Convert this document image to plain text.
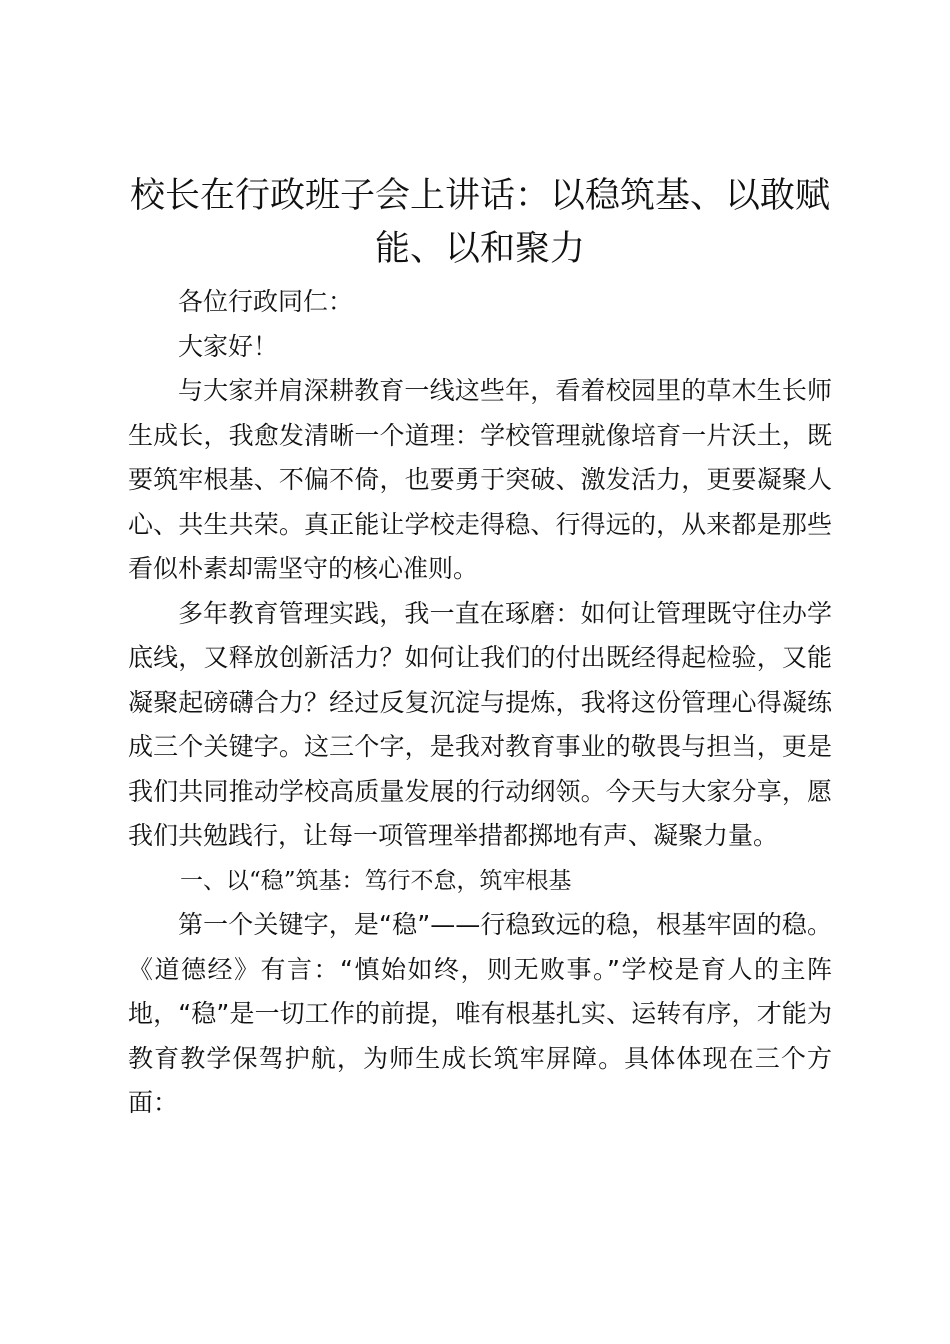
校长在行政班子会上讲话：以稳筑基、以敢赋能、以和聚力

各位行政同仁：

大家好！

与大家并肩深耕教育一线这些年，看着校园里的草木生长师生成长，我愈发清晰一个道理：学校管理就像培育一片沃土，既要筑牢根基、不偏不倚，也要勇于突破、激发活力，更要凝聚人心、共生共荣。真正能让学校走得稳、行得远的，从来都是那些看似朴素却需坚守的核心准则。

多年教育管理实践，我一直在琢磨：如何让管理既守住办学底线，又释放创新活力？如何让我们的付出既经得起检验，又能凝聚起磅礴合力？经过反复沉淀与提炼，我将这份管理心得凝练成三个关键字。这三个字，是我对教育事业的敬畏与担当，更是我们共同推动学校高质量发展的行动纲领。今天与大家分享，愿我们共勉践行，让每一项管理举措都掷地有声、凝聚力量。

一、以“稳”筑基：笃行不怠，筑牢根基

第一个关键字，是“稳”——行稳致远的稳，根基牢固的稳。《道德经》有言：“慎始如终，则无败事。”学校是育人的主阵地，“稳”是一切工作的前提，唯有根基扎实、运转有序，才能为教育教学保驾护航，为师生成长筑牢屏障。具体体现在三个方面：
